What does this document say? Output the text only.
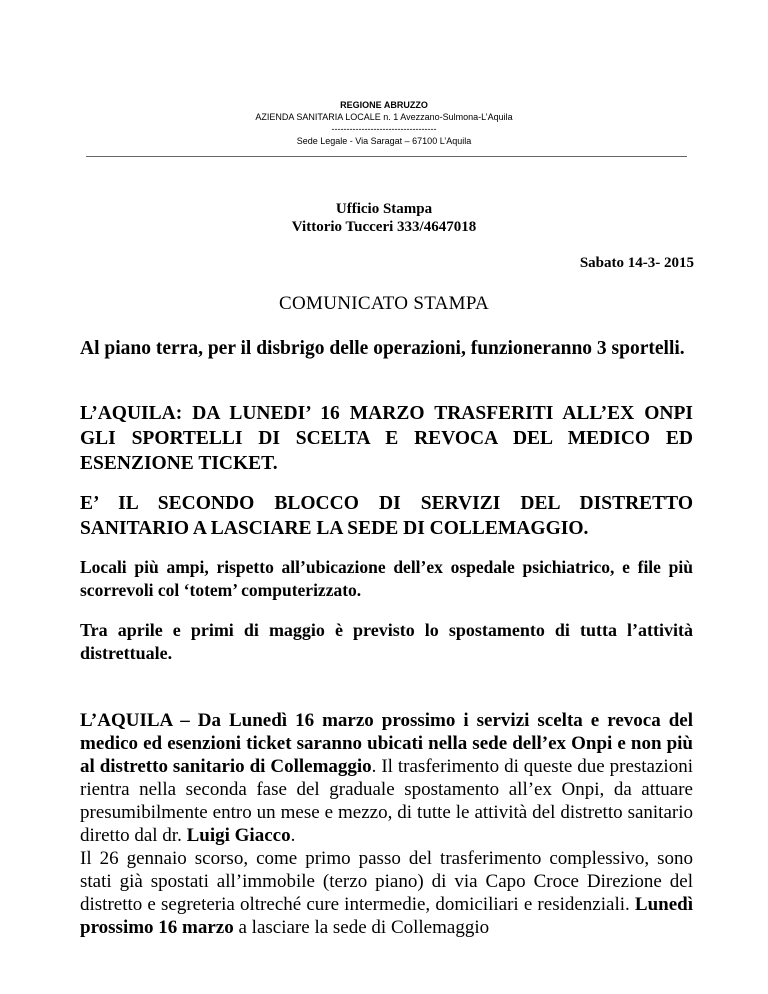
REGIONE ABRUZZO
AZIENDA SANITARIA LOCALE n. 1 Avezzano-Sulmona-L’Aquila
-----------------------------------
Sede Legale - Via Saragat – 67100 L’Aquila
Ufficio Stampa
Vittorio Tucceri 333/4647018
Sabato 14-3- 2015
COMUNICATO STAMPA
Al piano terra, per il disbrigo delle operazioni, funzioneranno 3 sportelli.
L’AQUILA: DA LUNEDI’ 16 MARZO TRASFERITI ALL’EX ONPI GLI SPORTELLI DI SCELTA E REVOCA DEL MEDICO ED ESENZIONE TICKET.
E’ IL SECONDO BLOCCO DI SERVIZI DEL DISTRETTO SANITARIO A LASCIARE LA SEDE DI COLLEMAGGIO.
Locali più ampi, rispetto all’ubicazione dell’ex ospedale psichiatrico, e file più scorrevoli col ‘totem’ computerizzato.
Tra aprile e primi di maggio è previsto lo spostamento di tutta l’attività distrettuale.
L’AQUILA – Da Lunedì 16 marzo prossimo i servizi scelta e revoca del medico ed esenzioni ticket saranno ubicati nella sede dell’ex Onpi e non più al distretto sanitario di Collemaggio. Il trasferimento di queste due prestazioni rientra nella seconda fase del graduale spostamento all’ex Onpi, da attuare presumibilmente entro un mese e mezzo, di tutte le attività del distretto sanitario diretto dal dr. Luigi Giacco.
Il 26 gennaio scorso, come primo passo del trasferimento complessivo, sono stati già spostati all’immobile (terzo piano) di via Capo Croce Direzione del distretto e segreteria oltreché cure intermedie, domiciliari e residenziali. Lunedì prossimo 16 marzo a lasciare la sede di Collemaggio
